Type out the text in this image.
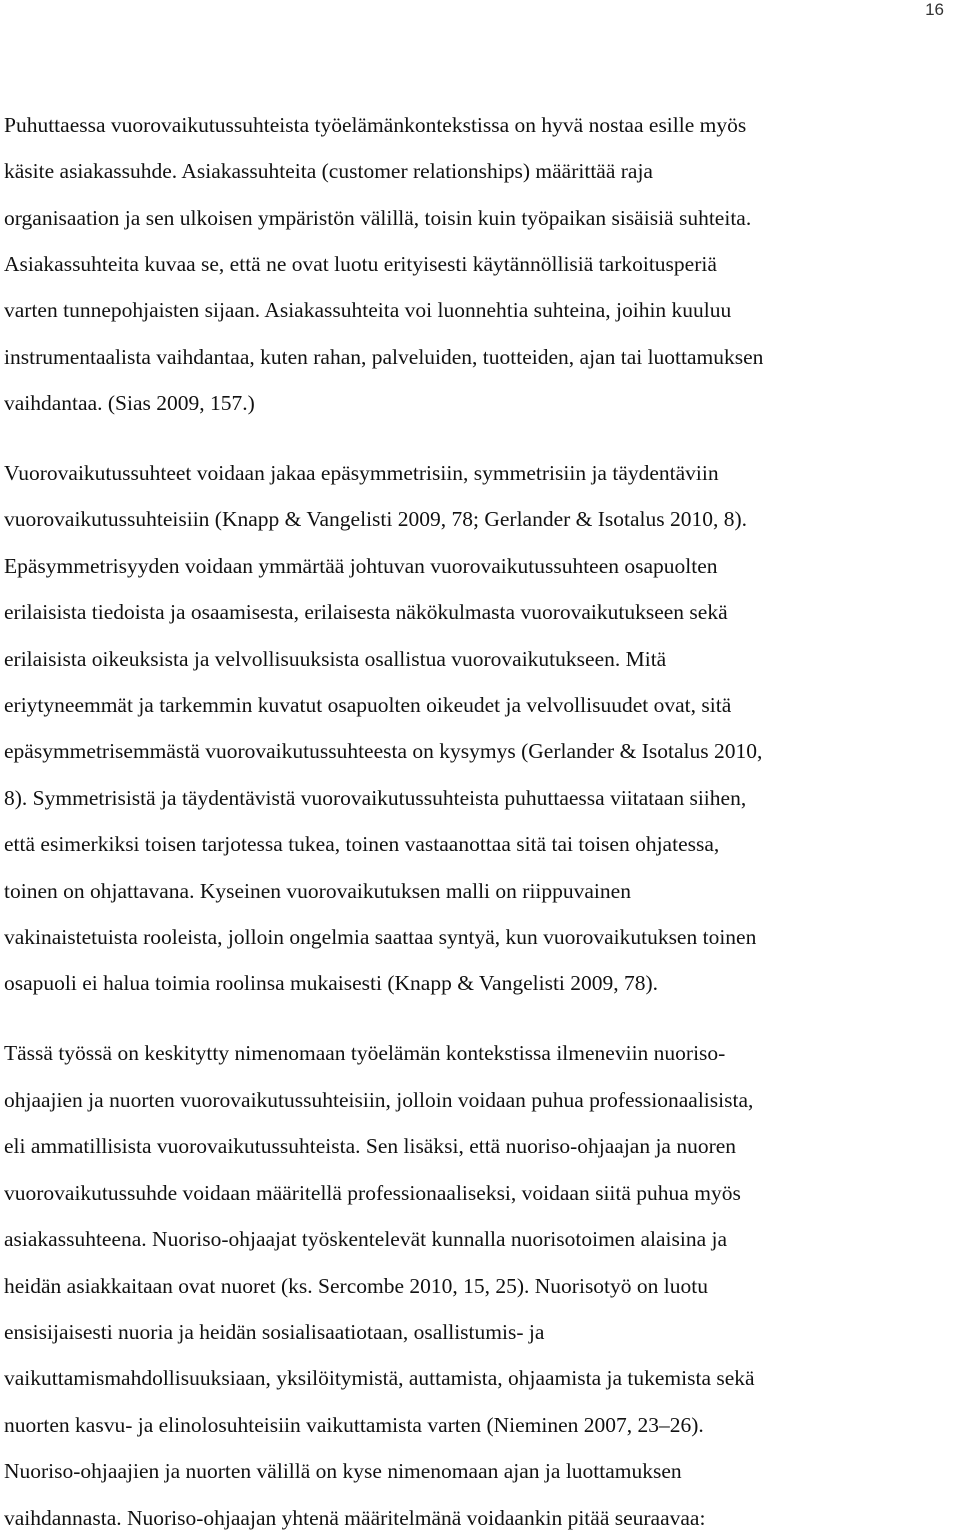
16
Puhuttaessa vuorovaikutussuhteista työelämänkontekstissa on hyvä nostaa esille myös
käsite asiakassuhde. Asiakassuhteita (customer relationships) määrittää raja
organisaation ja sen ulkoisen ympäristön välillä, toisin kuin työpaikan sisäisiä suhteita.
Asiakassuhteita kuvaa se, että ne ovat luotu erityisesti käytännöllisiä tarkoitusperiä
varten tunnepohjaisten sijaan. Asiakassuhteita voi luonnehtia suhteina, joihin kuuluu
instrumentaalista vaihdantaa, kuten rahan, palveluiden, tuotteiden, ajan tai luottamuksen
vaihdantaa. (Sias 2009, 157.)
Vuorovaikutussuhteet voidaan jakaa epäsymmetrisiin, symmetrisiin ja täydentäviin
vuorovaikutussuhteisiin (Knapp & Vangelisti 2009, 78; Gerlander & Isotalus 2010, 8).
Epäsymmetrisyyden voidaan ymmärtää johtuvan vuorovaikutussuhteen osapuolten
erilaisista tiedoista ja osaamisesta, erilaisesta näkökulmasta vuorovaikutukseen sekä
erilaisista oikeuksista ja velvollisuuksista osallistua vuorovaikutukseen. Mitä
eriytyneemmät ja tarkemmin kuvatut osapuolten oikeudet ja velvollisuudet ovat, sitä
epäsymmetrisemmästä vuorovaikutussuhteesta on kysymys (Gerlander & Isotalus 2010,
8). Symmetrisistä ja täydentävistä vuorovaikutussuhteista puhuttaessa viitataan siihen,
että esimerkiksi toisen tarjotessa tukea, toinen vastaanottaa sitä tai toisen ohjatessa,
toinen on ohjattavana. Kyseinen vuorovaikutuksen malli on riippuvainen
vakinaistetuista rooleista, jolloin ongelmia saattaa syntyä, kun vuorovaikutuksen toinen
osapuoli ei halua toimia roolinsa mukaisesti (Knapp & Vangelisti 2009, 78).
Tässä työssä on keskitytty nimenomaan työelämän kontekstissa ilmeneviin nuoriso-
ohjaajien ja nuorten vuorovaikutussuhteisiin, jolloin voidaan puhua professionaalisista,
eli ammatillisista vuorovaikutussuhteista. Sen lisäksi, että nuoriso-ohjaajan ja nuoren
vuorovaikutussuhde voidaan määritellä professionaaliseksi, voidaan siitä puhua myös
asiakassuhteena. Nuoriso-ohjaajat työskentelevät kunnalla nuorisotoimen alaisina ja
heidän asiakkaitaan ovat nuoret (ks. Sercombe 2010, 15, 25). Nuorisotyö on luotu
ensisijaisesti nuoria ja heidän sosialisaatiotaan, osallistumis- ja
vaikuttamismahdollisuuksiaan, yksilöitymistä, auttamista, ohjaamista ja tukemista sekä
nuorten kasvu- ja elinolosuhteisiin vaikuttamista varten (Nieminen 2007, 23–26).
Nuoriso-ohjaajien ja nuorten välillä on kyse nimenomaan ajan ja luottamuksen
vaihdannasta. Nuoriso-ohjaajan yhtenä määritelmänä voidaankin pitää seuraavaa:
